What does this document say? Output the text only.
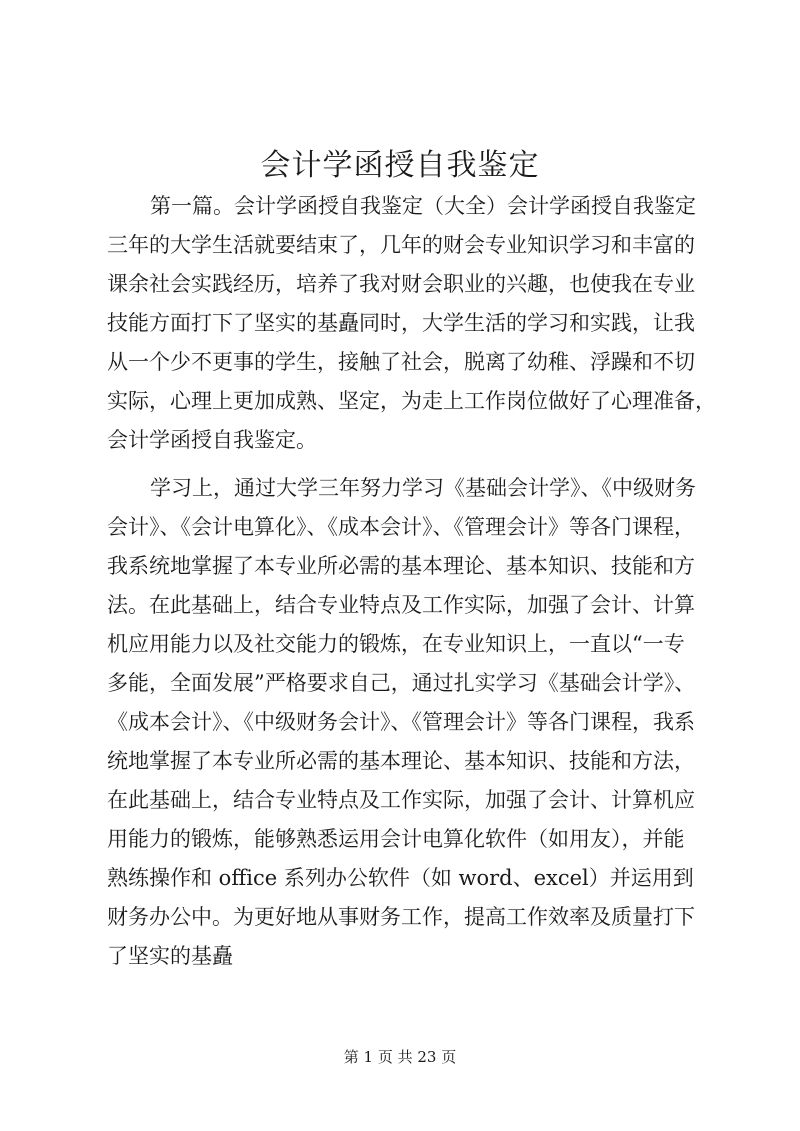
会计学函授自我鉴定
第一篇。会计学函授自我鉴定（大全）会计学函授自我鉴定
三年的大学生活就要结束了，几年的财会专业知识学习和丰富的
课余社会实践经历，培养了我对财会职业的兴趣，也使我在专业
技能方面打下了坚实的基矗同时，大学生活的学习和实践，让我
从一个少不更事的学生，接触了社会，脱离了幼稚、浮躁和不切
实际，心理上更加成熟、坚定，为走上工作岗位做好了心理准备，
会计学函授自我鉴定。
学习上，通过大学三年努力学习《基础会计学》、《中级财务
会计》、《会计电算化》、《成本会计》、《管理会计》等各门课程，
我系统地掌握了本专业所必需的基本理论、基本知识、技能和方
法。在此基础上，结合专业特点及工作实际，加强了会计、计算
机应用能力以及社交能力的锻炼，在专业知识上，一直以“一专
多能，全面发展”严格要求自己，通过扎实学习《基础会计学》、
《成本会计》、《中级财务会计》、《管理会计》等各门课程，我系
统地掌握了本专业所必需的基本理论、基本知识、技能和方法，
在此基础上，结合专业特点及工作实际，加强了会计、计算机应
用能力的锻炼，能够熟悉运用会计电算化软件（如用友），并能
熟练操作和 office 系列办公软件（如 word、excel）并运用到
财务办公中。为更好地从事财务工作，提高工作效率及质量打下
了坚实的基矗
第 1 页 共 23 页
